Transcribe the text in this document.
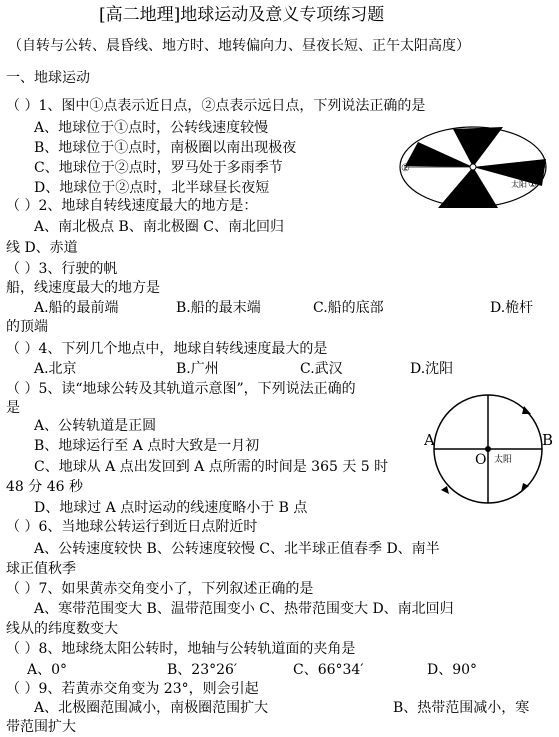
[高二地理]地球运动及意义专项练习题
（自转与公转、晨昏线、地方时、地转偏向力、昼夜长短、正午太阳高度）
一、地球运动
（ ）1、图中①点表示近日点，②点表示远日点，下列说法正确的是
A、地球位于①点时，公转线速度较慢
B、地球位于①点时，南极圈以南出现极夜
C、地球位于②点时，罗马处于多雨季节
D、地球位于②点时，北半球昼长夜短
②
太阳 ①
（ ）2、地球自转线速度最大的地方是：
A、南北极点 B、南北极圈 C、南北回归
线 D、赤道
（ ）3、行驶的帆
船，线速度最大的地方是
A.船的最前端	B.船的最末端	C.船的底部	D.桅杆
的顶端
（ ）4、下列几个地点中，地球自转线速度最大的是
A.北京	B.广州	C.武汉	D.沈阳
（ ）5、读“地球公转及其轨道示意图”，下列说法正确的
是
A、公转轨道是正圆
B、地球运行至 A 点时大致是一月初
C、地球从 A 点出发回到 A 点所需的时间是 365 天 5 时
48 分 46 秒
D、地球过 A 点时运动的线速度略小于 B 点
A
O 太阳
B
（ ）6、当地球公转运行到近日点附近时
A、公转速度较快 B、公转速度较慢 C、北半球正值春季 D、南半
球正值秋季
（ ）7、如果黄赤交角变小了，下列叙述正确的是
A、寒带范围变大 B、温带范围变小 C、热带范围变大 D、南北回归
线从的纬度数变大
（ ）8、地球绕太阳公转时，地轴与公转轨道面的夹角是
A、0°	B、23°26′	C、66°34′	D、90°
（ ）9、若黄赤交角变为 23°，则会引起
A、北极圈范围减小，南极圈范围扩大	B、热带范围减小，寒
带范围扩大
